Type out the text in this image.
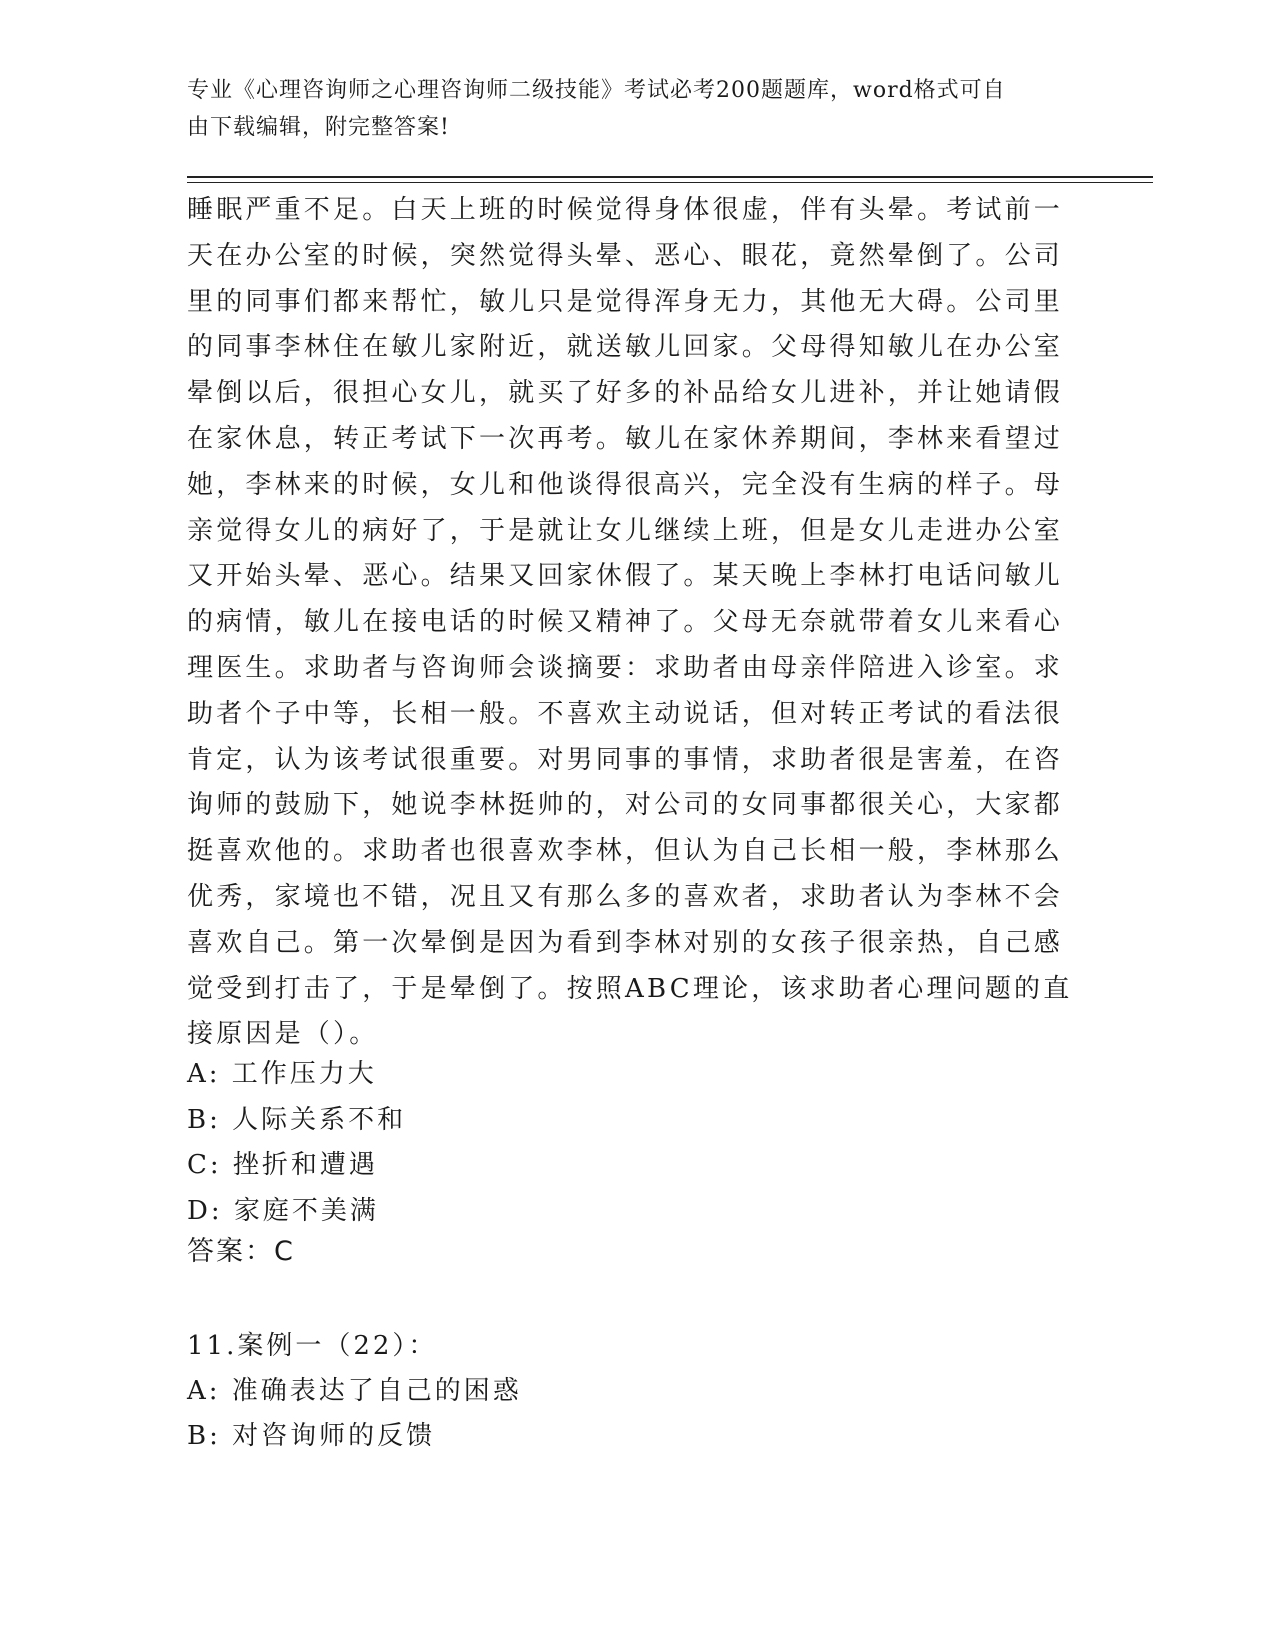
专业《心理咨询师之心理咨询师二级技能》考试必考200题题库，word格式可自
由下载编辑，附完整答案!
睡眠严重不足。白天上班的时候觉得身体很虚，伴有头晕。考试前一
天在办公室的时候，突然觉得头晕、恶心、眼花，竟然晕倒了。公司
里的同事们都来帮忙，敏儿只是觉得浑身无力，其他无大碍。公司里
的同事李林住在敏儿家附近，就送敏儿回家。父母得知敏儿在办公室
晕倒以后，很担心女儿，就买了好多的补品给女儿进补，并让她请假
在家休息，转正考试下一次再考。敏儿在家休养期间，李林来看望过
她，李林来的时候，女儿和他谈得很高兴，完全没有生病的样子。母
亲觉得女儿的病好了，于是就让女儿继续上班，但是女儿走进办公室
又开始头晕、恶心。结果又回家休假了。某天晚上李林打电话问敏儿
的病情，敏儿在接电话的时候又精神了。父母无奈就带着女儿来看心
理医生。求助者与咨询师会谈摘要：求助者由母亲伴陪进入诊室。求
助者个子中等，长相一般。不喜欢主动说话，但对转正考试的看法很
肯定，认为该考试很重要。对男同事的事情，求助者很是害羞，在咨
询师的鼓励下，她说李林挺帅的，对公司的女同事都很关心，大家都
挺喜欢他的。求助者也很喜欢李林，但认为自己长相一般，李林那么
优秀，家境也不错，况且又有那么多的喜欢者，求助者认为李林不会
喜欢自己。第一次晕倒是因为看到李林对别的女孩子很亲热，自己感
觉受到打击了，于是晕倒了。按照ABC理论，该求助者心理问题的直
接原因是（）。
A: 工作压力大
B: 人际关系不和
C: 挫折和遭遇
D: 家庭不美满
答案：C
11.案例一（22）：
A: 准确表达了自己的困惑
B: 对咨询师的反馈
